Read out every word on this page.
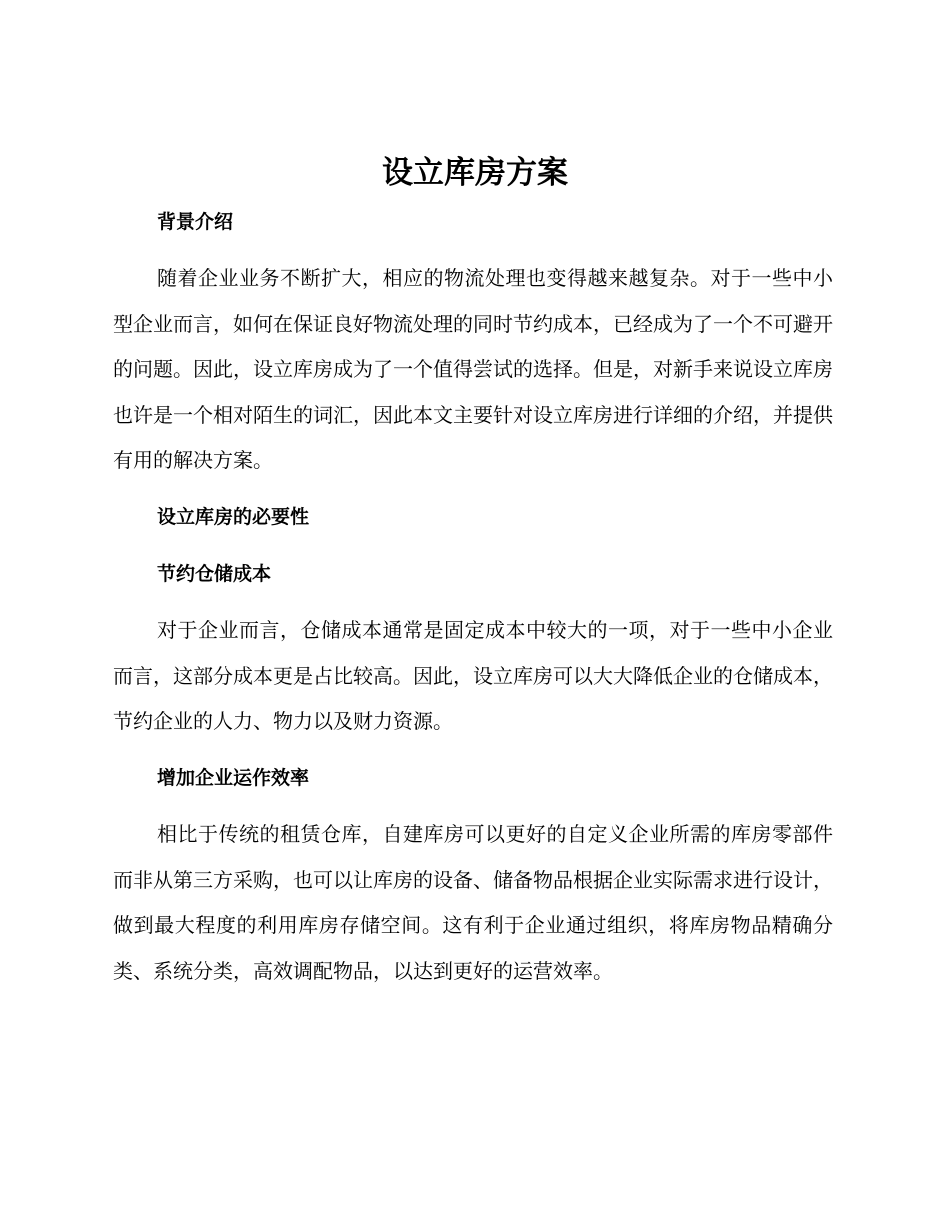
设立库房方案
背景介绍

随着企业业务不断扩大，相应的物流处理也变得越来越复杂。对于一些中小型企业而言，如何在保证良好物流处理的同时节约成本，已经成为了一个不可避开的问题。因此，设立库房成为了一个值得尝试的选择。但是，对新手来说设立库房也许是一个相对陌生的词汇，因此本文主要针对设立库房进行详细的介绍，并提供有用的解决方案。

设立库房的必要性
节约仓储成本

对于企业而言，仓储成本通常是固定成本中较大的一项，对于一些中小企业而言，这部分成本更是占比较高。因此，设立库房可以大大降低企业的仓储成本，节约企业的人力、物力以及财力资源。

增加企业运作效率

相比于传统的租赁仓库，自建库房可以更好的自定义企业所需的库房零部件而非从第三方采购，也可以让库房的设备、储备物品根据企业实际需求进行设计，做到最大程度的利用库房存储空间。这有利于企业通过组织，将库房物品精确分类、系统分类，高效调配物品，以达到更好的运营效率。
